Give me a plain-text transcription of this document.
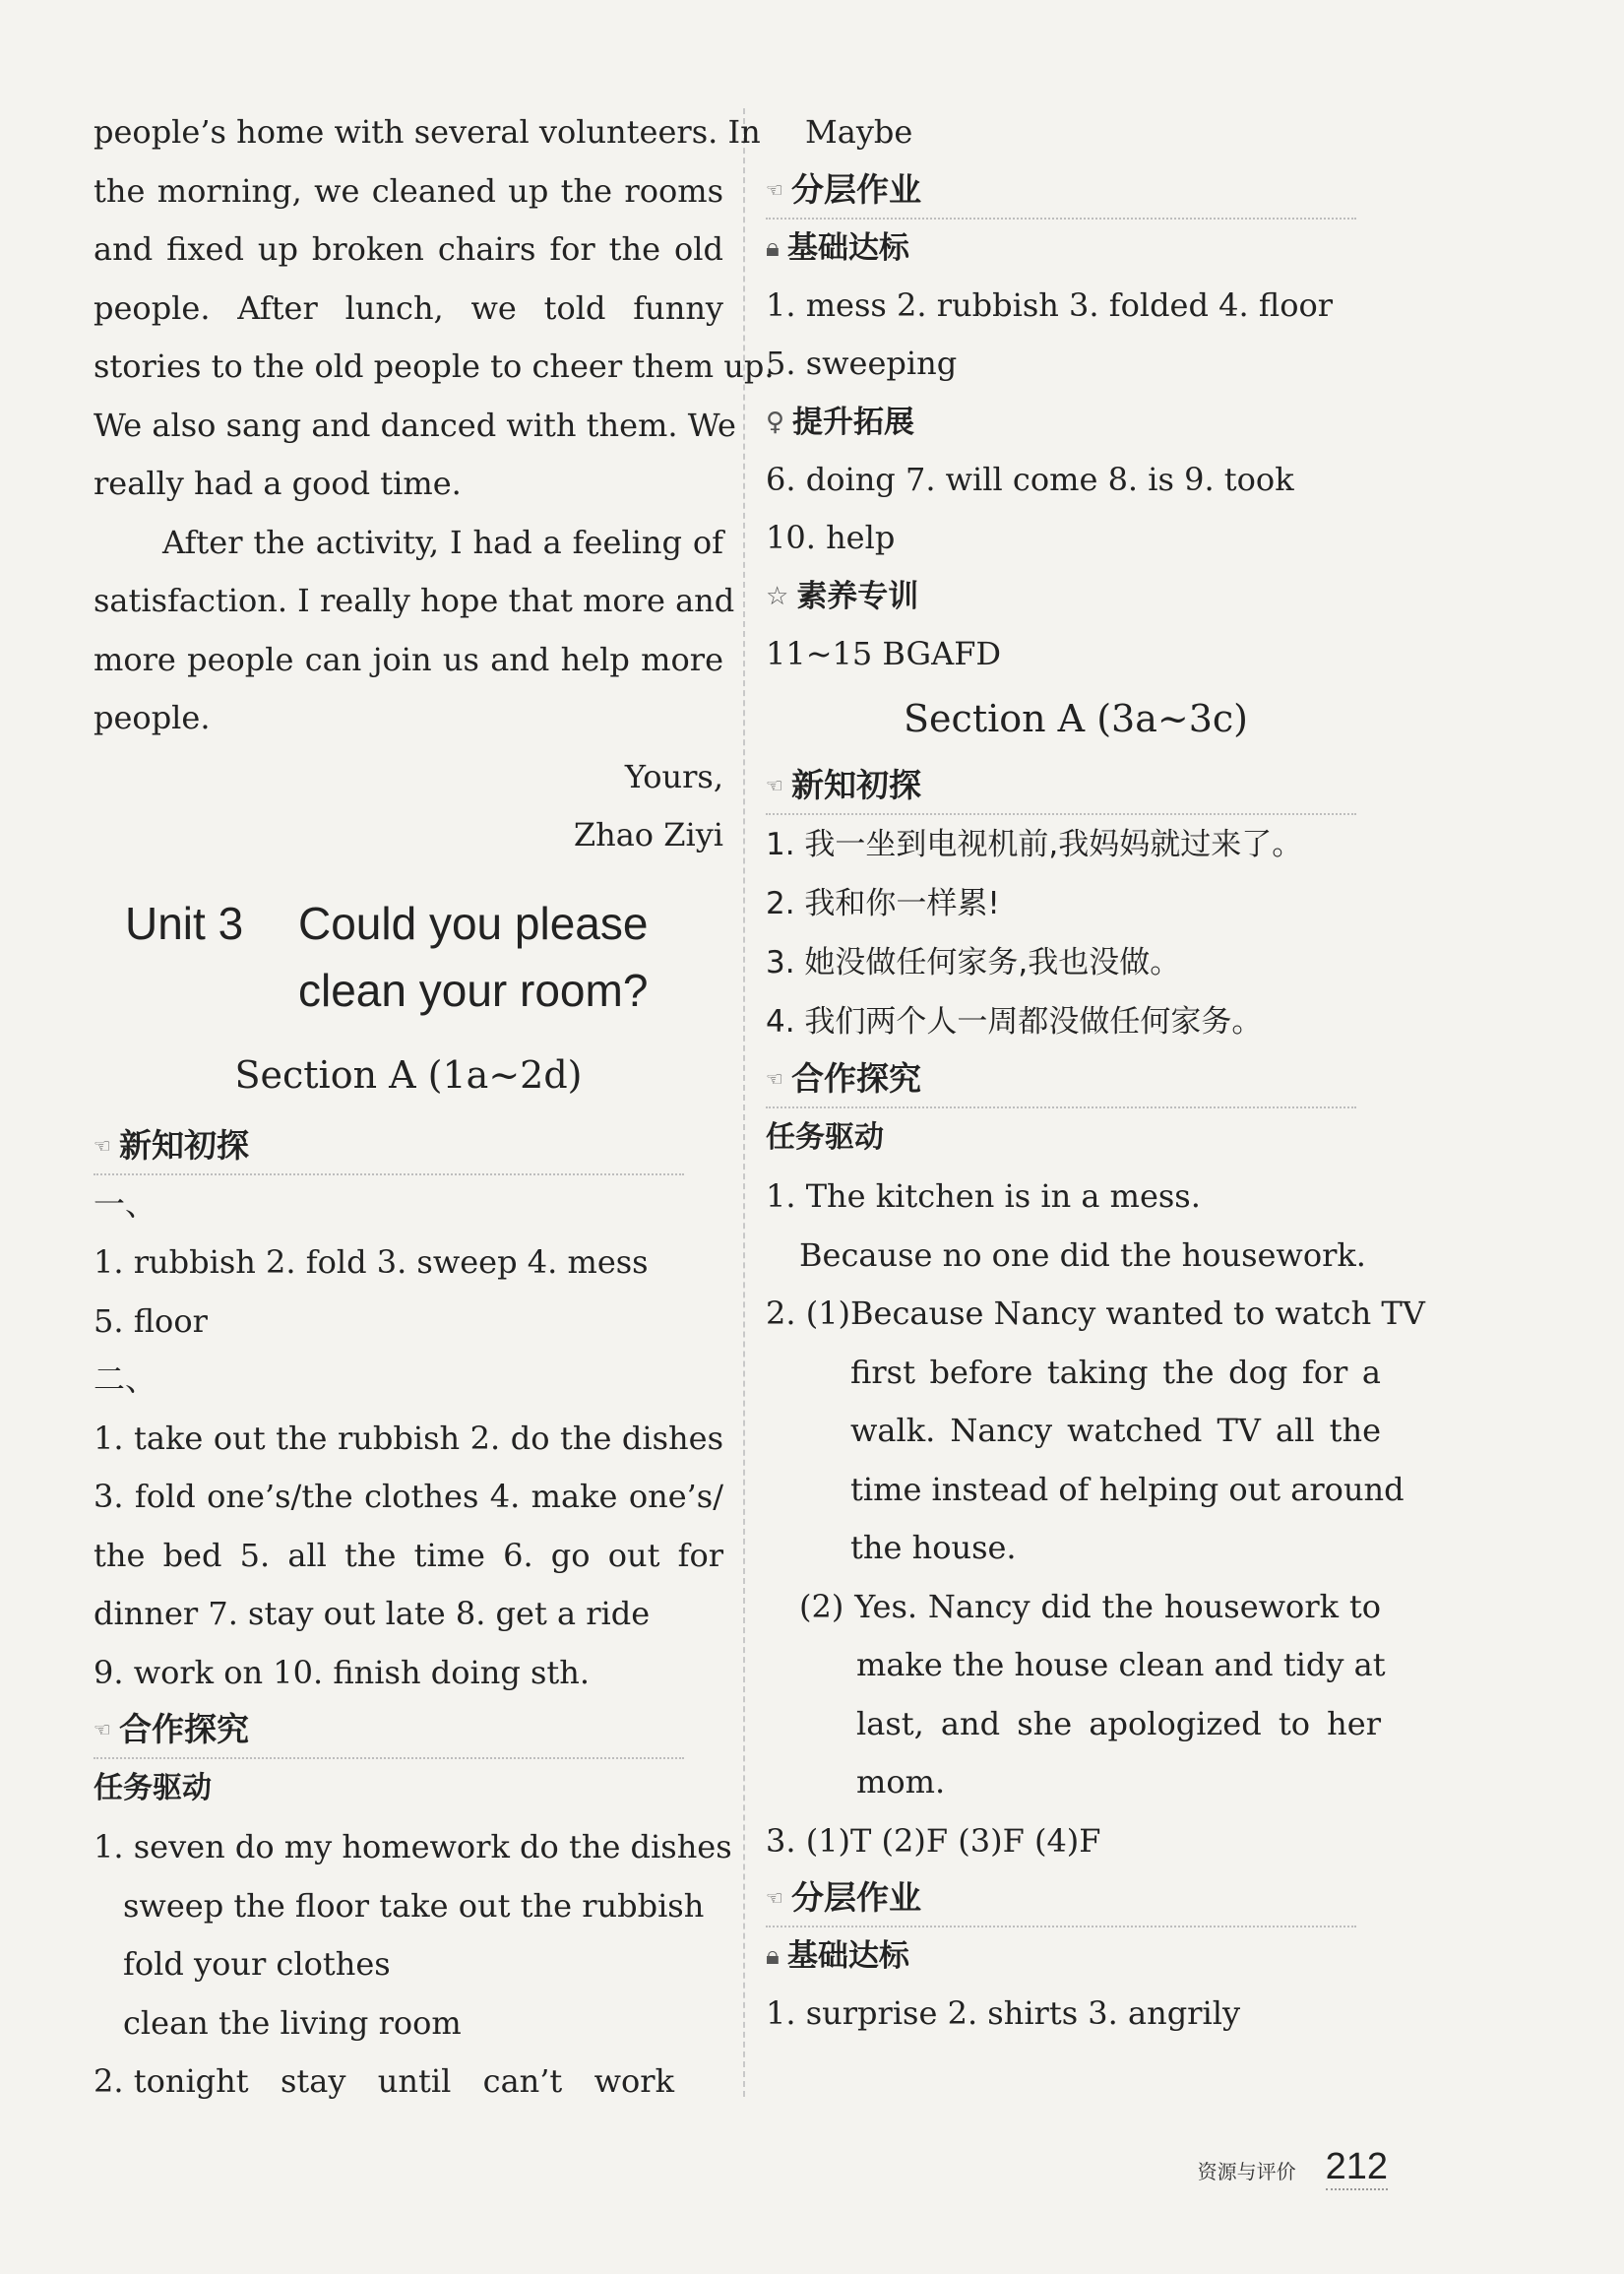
people’s home with several volunteers. In
the morning, we cleaned up the rooms
and fixed up broken chairs for the old
people. After lunch, we told funny
stories to the old people to cheer them up.
We also sang and danced with them. We
really had a good time.
After the activity, I had a feeling of
satisfaction. I really hope that more and
more people can join us and help more
people.
Yours,
Zhao Ziyi
Unit 3 Could you please
clean your room?
Section A (1a~2d)
☜ 新知初探
一、
1. rubbish 2. fold 3. sweep 4. mess
5. floor
二、
1. take out the rubbish 2. do the dishes
3. fold one’s/the clothes 4. make one’s/
the bed 5. all the time 6. go out for
dinner 7. stay out late 8. get a ride
9. work on 10. finish doing sth.
☜ 合作探究
任务驱动
1. seven do my homework do the dishes
sweep the floor take out the rubbish
fold your clothes
clean the living room
2. tonight stay until can’t work
Maybe
☜ 分层作业
🔒︎ 基础达标
1. mess 2. rubbish 3. folded 4. floor
5. sweeping
♀ 提升拓展
6. doing 7. will come 8. is 9. took
10. help
☆ 素养专训
11~15 BGAFD
Section A (3a~3c)
☜ 新知初探
1. 我一坐到电视机前,我妈妈就过来了。
2. 我和你一样累!
3. 她没做任何家务,我也没做。
4. 我们两个人一周都没做任何家务。
☜ 合作探究
任务驱动
1. The kitchen is in a mess.
Because no one did the housework.
2. (1)Because Nancy wanted to watch TV
first before taking the dog for a
walk. Nancy watched TV all the
time instead of helping out around
the house.
(2) Yes. Nancy did the housework to
make the house clean and tidy at
last, and she apologized to her
mom.
3. (1)T (2)F (3)F (4)F
☜ 分层作业
🔒︎ 基础达标
1. surprise 2. shirts 3. angrily
资源与评价 212
